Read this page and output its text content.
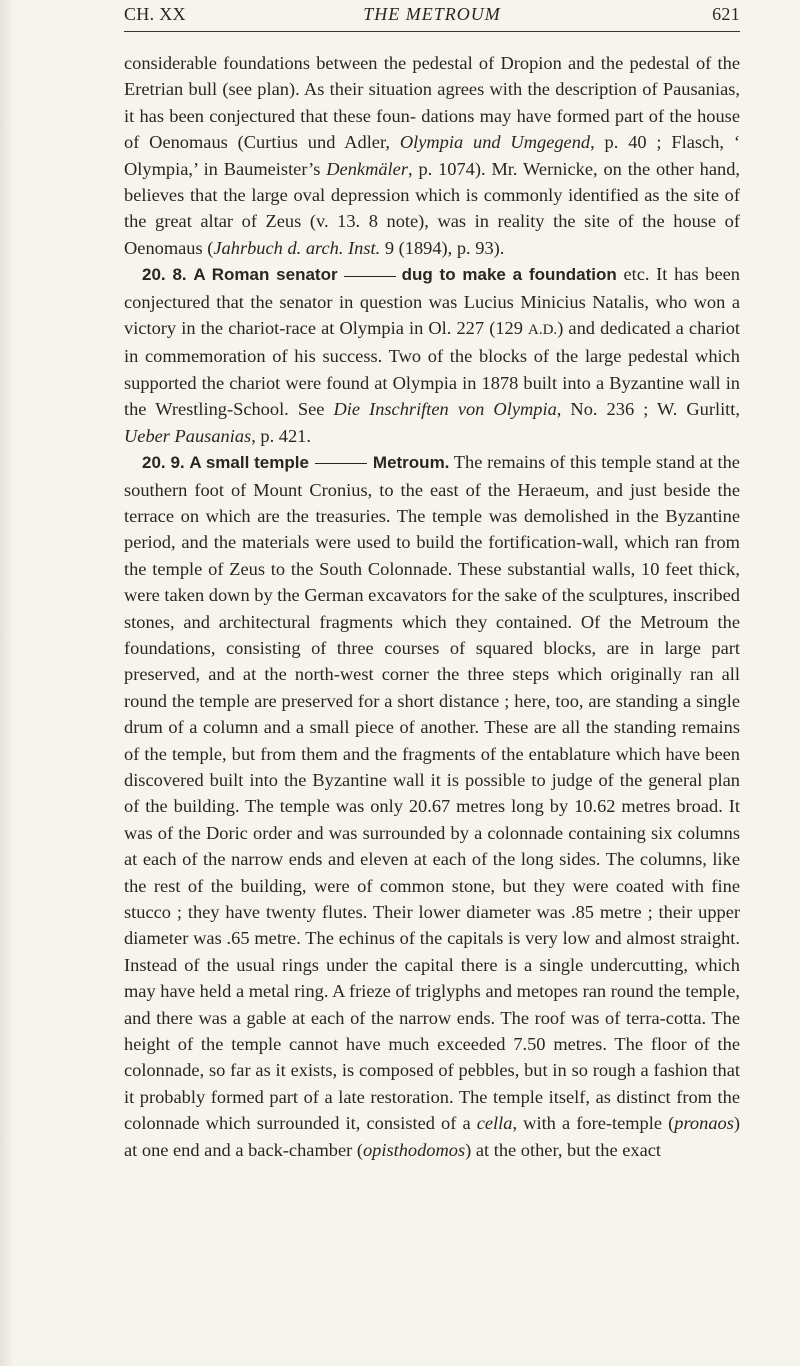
CH. XX	THE METROUM	621

considerable foundations between the pedestal of Dropion and the pedestal of the Eretrian bull (see plan). As their situation agrees with the description of Pausanias, it has been conjectured that these foun- dations may have formed part of the house of Oenomaus (Curtius und Adler, Olympia und Umgegend, p. 40 ; Flasch, ‘ Olympia,’ in Baumeister’s Denkmäler, p. 1074). Mr. Wernicke, on the other hand, believes that the large oval depression which is commonly identified as the site of the great altar of Zeus (v. 13. 8 note), was in reality the site of the house of Oenomaus (Jahrbuch d. arch. Inst. 9 (1894), p. 93).

20. 8. A Roman senator	dug to make a foundation etc. It has been conjectured that the senator in question was Lucius Minicius Natalis, who won a victory in the chariot-race at Olympia in Ol. 227 (129 A.D.) and dedicated a chariot in commemoration of his success. Two of the blocks of the large pedestal which supported the chariot were found at Olympia in 1878 built into a Byzantine wall in the Wrestling-School. See Die Inschriften von Olympia, No. 236 ; W. Gurlitt, Ueber Pausanias, p. 421.

20. 9. A small temple	Metroum. The remains of this temple stand at the southern foot of Mount Cronius, to the east of the Heraeum, and just beside the terrace on which are the treasuries. The temple was demolished in the Byzantine period, and the materials were used to build the fortification-wall, which ran from the temple of Zeus to the South Colonnade. These substantial walls, 10 feet thick, were taken down by the German excavators for the sake of the sculptures, inscribed stones, and architectural fragments which they contained. Of the Metroum the foundations, consisting of three courses of squared blocks, are in large part preserved, and at the north-west corner the three steps which originally ran all round the temple are preserved for a short distance ; here, too, are standing a single drum of a column and a small piece of another. These are all the standing remains of the temple, but from them and the fragments of the entablature which have been discovered built into the Byzantine wall it is possible to judge of the general plan of the building. The temple was only 20.67 metres long by 10.62 metres broad. It was of the Doric order and was surrounded by a colonnade containing six columns at each of the narrow ends and eleven at each of the long sides. The columns, like the rest of the building, were of common stone, but they were coated with fine stucco ; they have twenty flutes. Their lower diameter was .85 metre ; their upper diameter was .65 metre. The echinus of the capitals is very low and almost straight. Instead of the usual rings under the capital there is a single undercutting, which may have held a metal ring. A frieze of triglyphs and metopes ran round the temple, and there was a gable at each of the narrow ends. The roof was of terra-cotta. The height of the temple cannot have much exceeded 7.50 metres. The floor of the colonnade, so far as it exists, is composed of pebbles, but in so rough a fashion that it probably formed part of a late restoration. The temple itself, as distinct from the colonnade which surrounded it, consisted of a cella, with a fore-temple (pronaos) at one end and a back-chamber (opisthodomos) at the other, but the exact
